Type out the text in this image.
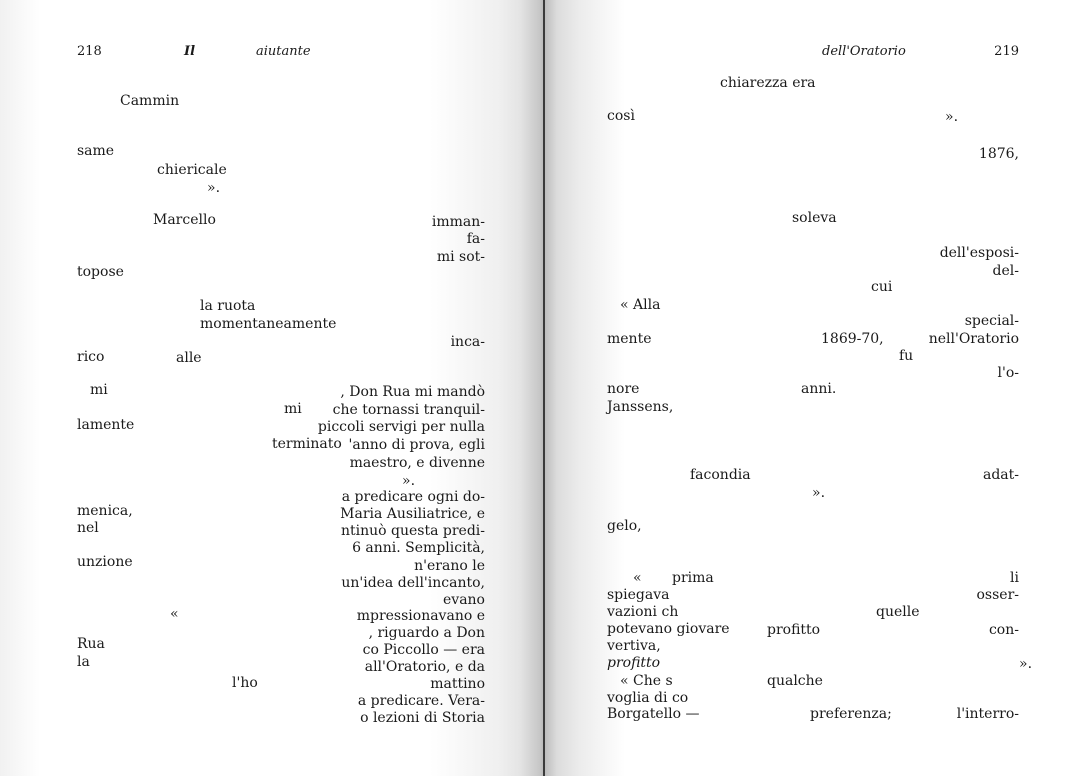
218	Il	aiutante
Cammin
same
chiericale
».
Marcello	imman-
fa-
mi sot-
topose
la ruota
momentaneamente
inca-
rico	alle
mi	, Don Rua mi mandò
mi che tornassi tranquil-
lamente	piccoli servigi per nulla
terminato 'anno di prova, egli
maestro, e divenne
».
a predicare ogni do-
menica,	Maria Ausiliatrice, e
nel	ntinuò questa predi-
6 anni. Semplicità,
unzione	n'erano le
un'idea dell'incanto,
evano
«	mpressionavano e
, riguardo a Don
Rua	co Piccollo — era
la	all'Oratorio, e da
l'ho	mattino
a predicare. Vera-
o lezioni di Storia
dell'Oratorio	219
chiarezza era
così	».
1876,
soleva
dell'esposi-
del-
cui
« Alla
special-
mente	1869-70,	nell'Oratorio
fu
l'o-
nore	anni.
Janssens,
facondia	adat-
».
gelo,
« prima	li
spiegava	osser-
vazioni ch	quelle
potevano giovare	profitto	con-
vertiva,
profitto	».
« Che s	qualche
voglia di co
Borgatello —	preferenza;	l'interro-
